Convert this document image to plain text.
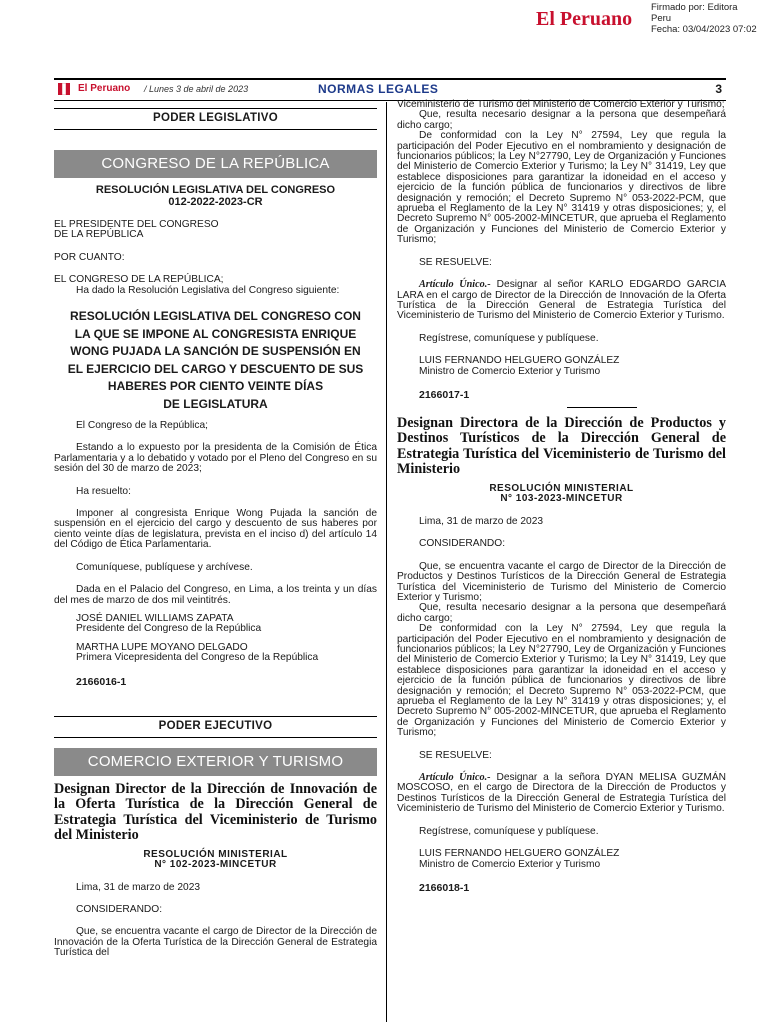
El Peruano
Firmado por: Editora
Peru
Fecha: 03/04/2023 07:02
El Peruano / Lunes 3 de abril de 2023	NORMAS LEGALES	3
PODER LEGISLATIVO
CONGRESO DE LA REPÚBLICA
RESOLUCIÓN LEGISLATIVA DEL CONGRESO
012-2022-2023-CR

EL PRESIDENTE DEL CONGRESO

DE LA REPÚBLICA

POR CUANTO:

EL CONGRESO DE LA REPÚBLICA;

Ha dado la Resolución Legislativa del Congreso siguiente:

RESOLUCIÓN LEGISLATIVA DEL CONGRESO CON
LA QUE SE IMPONE AL CONGRESISTA ENRIQUE
WONG PUJADA LA SANCIÓN DE SUSPENSIÓN EN
EL EJERCICIO DEL CARGO Y DESCUENTO DE SUS
HABERES POR CIENTO VEINTE DÍAS
DE LEGISLATURA

El Congreso de la República;

Estando a lo expuesto por la presidenta de la Comisión de Ética Parlamentaria y a lo debatido y votado por el Pleno del Congreso en su sesión del 30 de marzo de 2023;

Ha resuelto:

Imponer al congresista Enrique Wong Pujada la sanción de suspensión en el ejercicio del cargo y descuento de sus haberes por ciento veinte días de legislatura, prevista en el inciso d) del artículo 14 del Código de Ética Parlamentaria.

Comuníquese, publíquese y archívese.

Dada en el Palacio del Congreso, en Lima, a los treinta y un días del mes de marzo de dos mil veintitrés.

JOSÉ DANIEL WILLIAMS ZAPATA

Presidente del Congreso de la República

MARTHA LUPE MOYANO DELGADO

Primera Vicepresidenta del Congreso de la República

2166016-1
PODER EJECUTIVO
COMERCIO EXTERIOR Y TURISMO
Designan Director de la Dirección de Innovación de la Oferta Turística de la Dirección General de Estrategia Turística del Viceministerio de Turismo del Ministerio
RESOLUCIÓN MINISTERIAL
N° 102-2023-MINCETUR

Lima, 31 de marzo de 2023

CONSIDERANDO:

Que, se encuentra vacante el cargo de Director de la Dirección de Innovación de la Oferta Turística de la Dirección General de Estrategia Turística del

Viceministerio de Turismo del Ministerio de Comercio Exterior y Turismo;

Que, resulta necesario designar a la persona que desempeñará dicho cargo;

De conformidad con la Ley N° 27594, Ley que regula la participación del Poder Ejecutivo en el nombramiento y designación de funcionarios públicos; la Ley N°27790, Ley de Organización y Funciones del Ministerio de Comercio Exterior y Turismo; la Ley N° 31419, Ley que establece disposiciones para garantizar la idoneidad en el acceso y ejercicio de la función pública de funcionarios y directivos de libre designación y remoción; el Decreto Supremo N° 053-2022-PCM, que aprueba el Reglamento de la Ley N° 31419 y otras disposiciones; y, el Decreto Supremo N° 005-2002-MINCETUR, que aprueba el Reglamento de Organización y Funciones del Ministerio de Comercio Exterior y Turismo;

SE RESUELVE:

Artículo Único.- Designar al señor KARLO EDGARDO GARCIA LARA en el cargo de Director de la Dirección de Innovación de la Oferta Turística de la Dirección General de Estrategia Turística del Viceministerio de Turismo del Ministerio de Comercio Exterior y Turismo.

Regístrese, comuníquese y publíquese.

LUIS FERNANDO HELGUERO GONZÁLEZ

Ministro de Comercio Exterior y Turismo

2166017-1
Designan Directora de la Dirección de Productos y Destinos Turísticos de la Dirección General de Estrategia Turística del Viceministerio de Turismo del Ministerio
RESOLUCIÓN MINISTERIAL
N° 103-2023-MINCETUR

Lima, 31 de marzo de 2023

CONSIDERANDO:

Que, se encuentra vacante el cargo de Director de la Dirección de Productos y Destinos Turísticos de la Dirección General de Estrategia Turística del Viceministerio de Turismo del Ministerio de Comercio Exterior y Turismo;

Que, resulta necesario designar a la persona que desempeñará dicho cargo;

De conformidad con la Ley N° 27594, Ley que regula la participación del Poder Ejecutivo en el nombramiento y designación de funcionarios públicos; la Ley N°27790, Ley de Organización y Funciones del Ministerio de Comercio Exterior y Turismo; la Ley N° 31419, Ley que establece disposiciones para garantizar la idoneidad en el acceso y ejercicio de la función pública de funcionarios y directivos de libre designación y remoción; el Decreto Supremo N° 053-2022-PCM, que aprueba el Reglamento de la Ley N° 31419 y otras disposiciones; y, el Decreto Supremo N° 005-2002-MINCETUR, que aprueba el Reglamento de Organización y Funciones del Ministerio de Comercio Exterior y Turismo;

SE RESUELVE:

Artículo Único.- Designar a la señora DYAN MELISA GUZMÁN MOSCOSO, en el cargo de Directora de la Dirección de Productos y Destinos Turísticos de la Dirección General de Estrategia Turística del Viceministerio de Turismo del Ministerio de Comercio Exterior y Turismo.

Regístrese, comuníquese y publíquese.

LUIS FERNANDO HELGUERO GONZÁLEZ

Ministro de Comercio Exterior y Turismo

2166018-1
